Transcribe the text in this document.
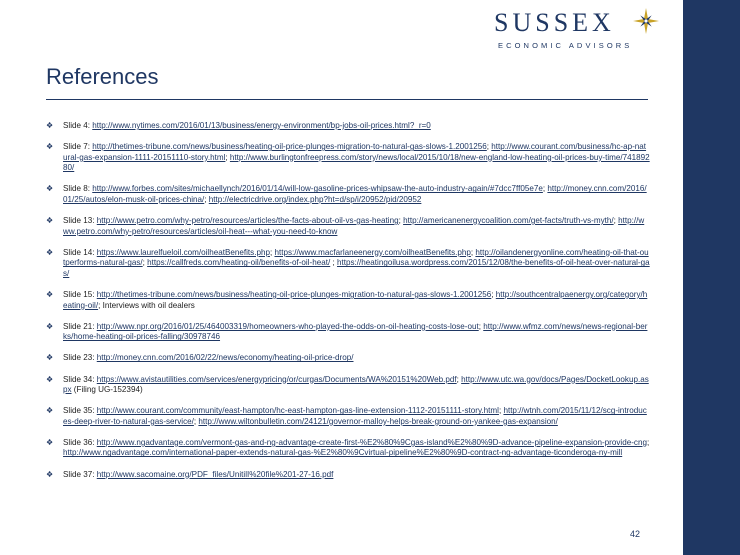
SUSSEX
ECONOMIC ADVISORS
References
❖ Slide 4: http://www.nytimes.com/2016/01/13/business/energy-environment/bp-jobs-oil-prices.html?_r=0
❖ Slide 7: http://thetimes-tribune.com/news/business/heating-oil-price-plunges-migration-to-natural-gas-slows-1.2001256; http://www.courant.com/business/hc-ap-natural-gas-expansion-1111-20151110-story.html; http://www.burlingtonfreepress.com/story/news/local/2015/10/18/new-england-low-heating-oil-prices-buy-time/74189280/
❖ Slide 8: http://www.forbes.com/sites/michaellynch/2016/01/14/will-low-gasoline-prices-whipsaw-the-auto-industry-again/#7dcc7ff05e7e; http://money.cnn.com/2016/01/25/autos/elon-musk-oil-prices-china/; http://electricdrive.org/index.php?ht=d/sp/i/20952/pid/20952
❖ Slide 13: http://www.petro.com/why-petro/resources/articles/the-facts-about-oil-vs-gas-heating; http://americanenergycoalition.com/get-facts/truth-vs-myth/; http://www.petro.com/why-petro/resources/articles/oil-heat---what-you-need-to-know
❖ Slide 14: https://www.laurelfueloil.com/oilheatBenefits.php; https://www.macfarlaneenergy.com/oilheatBenefits.php; http://oilandenergyonline.com/heating-oil-that-outperforms-natural-gas/; https://callfreds.com/heating-oil/benefits-of-oil-heat/ ; https://heatingoilusa.wordpress.com/2015/12/08/the-benefits-of-oil-heat-over-natural-gas/
❖ Slide 15: http://thetimes-tribune.com/news/business/heating-oil-price-plunges-migration-to-natural-gas-slows-1.2001256; http://southcentralpaenergy.org/category/heating-oil/; Interviews with oil dealers
❖ Slide 21: http://www.npr.org/2016/01/25/464003319/homeowners-who-played-the-odds-on-oil-heating-costs-lose-out; http://www.wfmz.com/news/news-regional-berks/home-heating-oil-prices-falling/30978746
❖ Slide 23: http://money.cnn.com/2016/02/22/news/economy/heating-oil-price-drop/
❖ Slide 34: https://www.avistautilities.com/services/energypricing/or/curgas/Documents/WA%20151%20Web.pdf; http://www.utc.wa.gov/docs/Pages/DocketLookup.aspx (Filing UG-152394)
❖ Slide 35: http://www.courant.com/community/east-hampton/hc-east-hampton-gas-line-extension-1112-20151111-story.html; http://wtnh.com/2015/11/12/scg-introduces-deep-river-to-natural-gas-service/; http://www.wiltonbulletin.com/24121/governor-malloy-helps-break-ground-on-yankee-gas-expansion/
❖ Slide 36: http://www.ngadvantage.com/vermont-gas-and-ng-advantage-create-first-%E2%80%9Cgas-island%E2%80%9D-advance-pipeline-expansion-provide-cng; http://www.ngadvantage.com/international-paper-extends-natural-gas-%E2%80%9Cvirtual-pipeline%E2%80%9D-contract-ng-advantage-ticonderoga-ny-mill
❖ Slide 37: http://www.sacomaine.org/PDF_files/UnitilI%20file%201-27-16.pdf
42
